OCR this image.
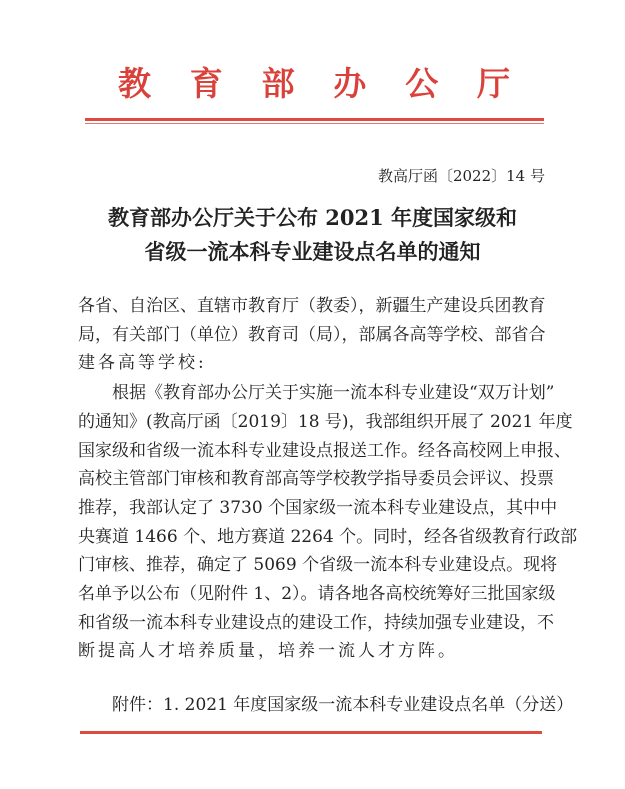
教 育 部 办 公 厅
教高厅函〔2022〕14 号
教育部办公厅关于公布 2021 年度国家级和
省级一流本科专业建设点名单的通知
各省、自治区、直辖市教育厅（教委），新疆生产建设兵团教育
局，有关部门（单位）教育司（局），部属各高等学校、部省合
建各高等学校:
根据《教育部办公厅关于实施一流本科专业建设“双万计划”
的通知》(教高厅函〔2019〕18 号)，我部组织开展了 2021 年度
国家级和省级一流本科专业建设点报送工作。经各高校网上申报、
高校主管部门审核和教育部高等学校教学指导委员会评议、投票
推荐，我部认定了 3730 个国家级一流本科专业建设点，其中中
央赛道 1466 个、地方赛道 2264 个。同时，经各省级教育行政部
门审核、推荐，确定了 5069 个省级一流本科专业建设点。现将
名单予以公布（见附件 1、2）。请各地各高校统筹好三批国家级
和省级一流本科专业建设点的建设工作，持续加强专业建设，不
断提高人才培养质量，培养一流人才方阵。
附件：1. 2021 年度国家级一流本科专业建设点名单（分送）
